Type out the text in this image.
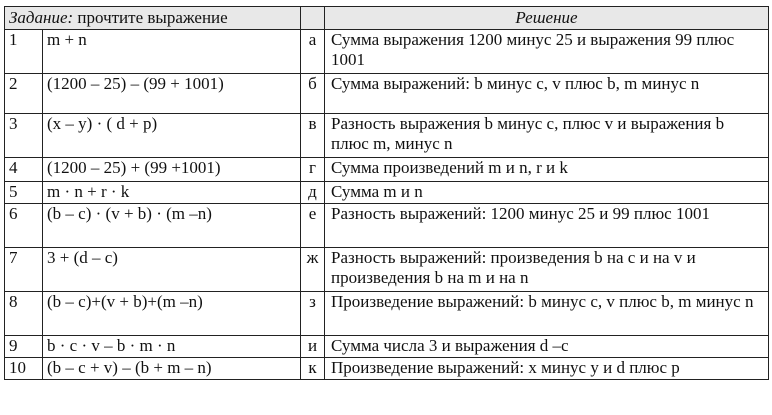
Задание: прочтите выражение			Решение
1	m + n	а	Сумма выражения 1200 минус 25 и выражения 99 плюс 1001
2	(1200 – 25) – (99 + 1001)	б	Сумма выражений: b минус c, v плюс b, m минус n
3	(x – y) · ( d + p)	в	Разность выражения b минус c, плюс v и выражения b плюс m, минус n
4	(1200 – 25) + (99 +1001)	г	Сумма произведений m и n, r и k
5	m · n + r · k	д	Сумма m и n
6	(b – c) · (v + b) · (m –n)	е	Разность выражений: 1200 минус 25 и 99 плюс 1001
7	3 + (d – c)	ж	Разность выражений: произведения b на c и на v и произведения b на m и на n
8	(b – c)+(v + b)+(m –n)	з	Произведение выражений: b минус c, v плюс b, m минус n
9	b · c · v – b · m · n	и	Сумма числа 3 и выражения d –c
10	(b – c + v) – (b + m – n)	к	Произведение выражений: x минус y и d плюс p
